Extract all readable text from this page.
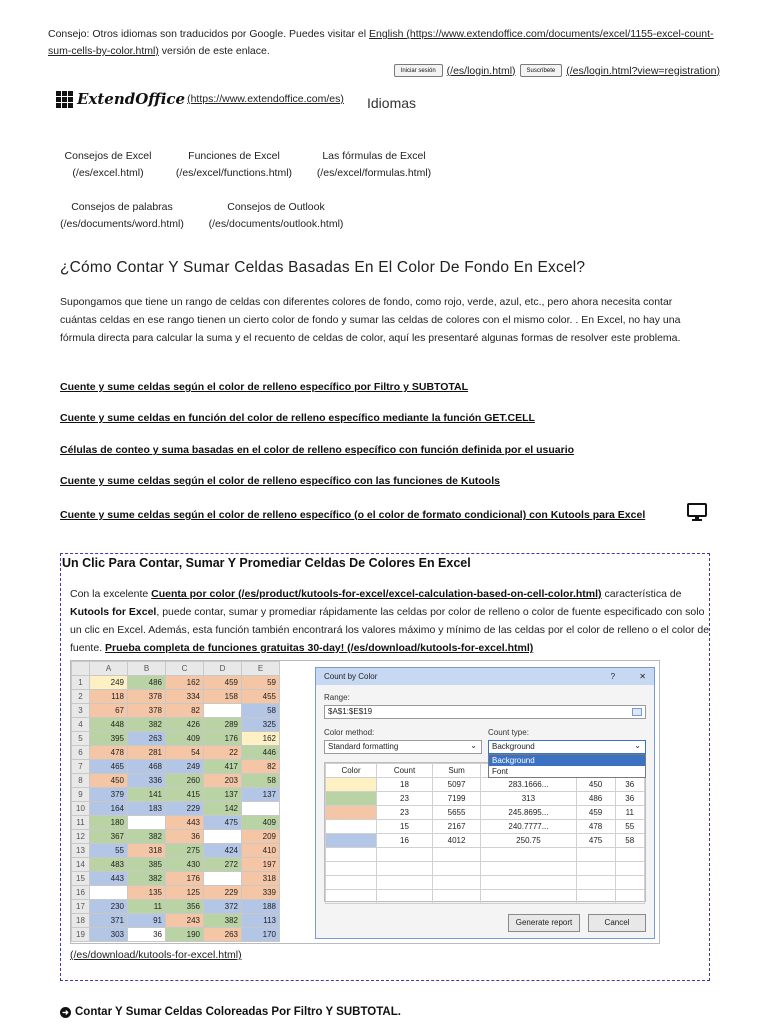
Consejo: Otros idiomas son traducidos por Google. Puedes visitar el English (https://www.extendoffice.com/documents/excel/1155-excel-count-sum-cells-by-color.html) versión de este enlace.
Iniciar sesión	(/es/login.html)	Suscríbete	(/es/login.html?view=registration)
ExtendOffice (https://www.extendoffice.com/es) Idiomas
Consejos de Excel
(/es/excel.html)
Funciones de Excel
(/es/excel/functions.html)
Las fórmulas de Excel
(/es/excel/formulas.html)
Consejos de palabras
(/es/documents/word.html)
Consejos de Outlook
(/es/documents/outlook.html)
¿Cómo Contar Y Sumar Celdas Basadas En El Color De Fondo En Excel?

Supongamos que tiene un rango de celdas con diferentes colores de fondo, como rojo, verde, azul, etc., pero ahora necesita contar cuántas celdas en ese rango tienen un cierto color de fondo y sumar las celdas de colores con el mismo color. . En Excel, no hay una fórmula directa para calcular la suma y el recuento de celdas de color, aquí les presentaré algunas formas de resolver este problema.

Cuente y sume celdas según el color de relleno específico por Filtro y SUBTOTAL
Cuente y sume celdas en función del color de relleno específico mediante la función GET.CELL
Células de conteo y suma basadas en el color de relleno específico con función definida por el usuario
Cuente y sume celdas según el color de relleno específico con las funciones de Kutools
Cuente y sume celdas según el color de relleno específico (o el color de formato condicional) con Kutools para Excel
Un Clic Para Contar, Sumar Y Promediar Celdas De Colores En Excel
Con la excelente Cuenta por color (/es/product/kutools-for-excel/excel-calculation-based-on-cell-color.html) característica de Kutools for Excel, puede contar, sumar y promediar rápidamente las celdas por color de relleno o color de fuente especificado con solo un clic en Excel. Además, esta función también encontrará los valores máximo y mínimo de las celdas por el color de relleno o el color de fuente. Prueba completa de funciones gratuitas 30-day! (/es/download/kutools-for-excel.html)
	A	B	C	D	E
1	249	486	162	459	59
2	118	378	334	158	455
3	67	378	82		58
4	448	382	426	289	325
5	395	263	409	176	162
6	478	281	54	22	446
7	465	468	249	417	82
8	450	336	260	203	58
9	379	141	415	137	137
10	164	183	229	142	
11	180		443	475	409
12	367	382	36		209
13	55	318	275	424	410
14	483	385	430	272	197
15	443	382	176		318
16		135	125	229	339
17	230	11	356	372	188
18	371	91	243	382	113
19	303	36	190	263	170
Count by Color	?	✕
Range:
$A$1:$E$19
Color method:
Standard formatting	⌄
Count type:
Background	⌄
Color	Count	Sum			
	18	5097	283.1666...	450	36
	23	7199	313	486	36
	23	5655	245.8695...	459	11
	15	2167	240.7777...	478	55
	16	4012	250.75	475	58

Background
Font
Generate report	Cancel
(/es/download/kutools-for-excel.html)
➜ Contar Y Sumar Celdas Coloreadas Por Filtro Y SUBTOTAL.
